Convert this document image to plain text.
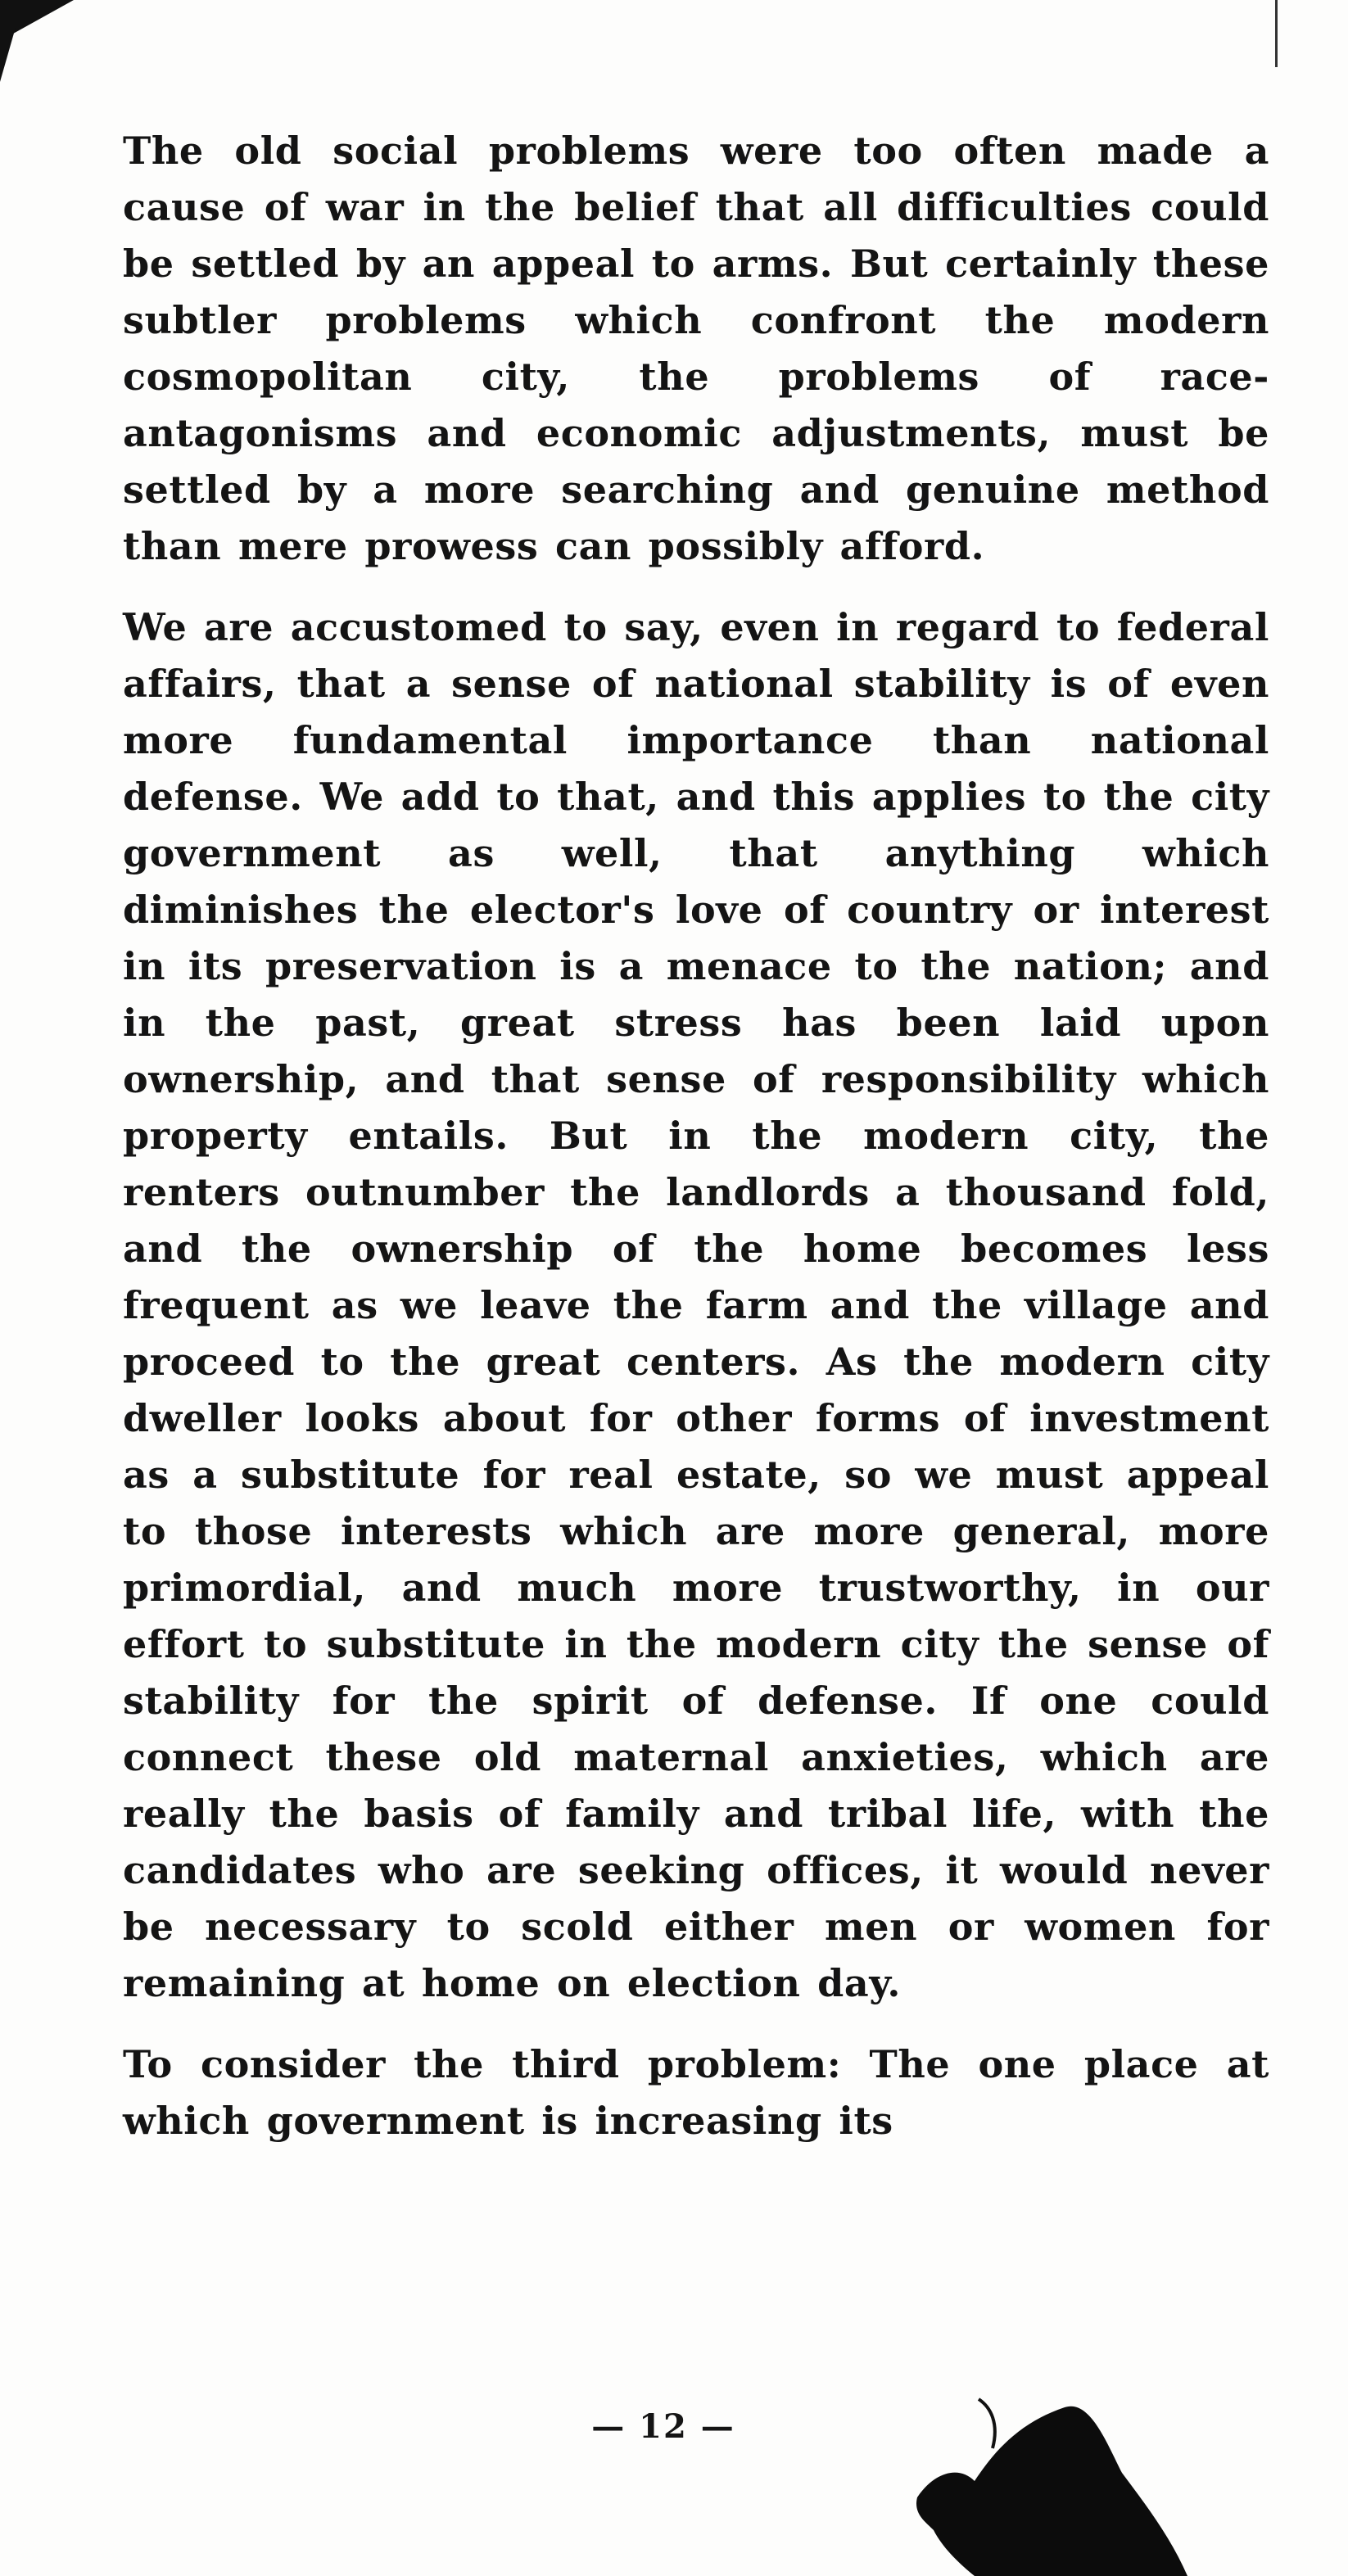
The old social problems were too often made a cause of war in the belief that all difficulties could be settled by an appeal to arms. But certainly these subtler problems which confront the modern cosmopolitan city, the problems of race-antagonisms and economic adjustments, must be settled by a more searching and genuine method than mere prowess can possibly afford.

We are accustomed to say, even in regard to federal affairs, that a sense of national stability is of even more fundamental importance than national defense. We add to that, and this applies to the city government as well, that anything which diminishes the elector's love of country or interest in its preservation is a menace to the nation; and in the past, great stress has been laid upon ownership, and that sense of responsibility which property entails. But in the modern city, the renters outnumber the landlords a thousand fold, and the ownership of the home becomes less frequent as we leave the farm and the village and proceed to the great centers. As the modern city dweller looks about for other forms of investment as a substitute for real estate, so we must appeal to those interests which are more general, more primordial, and much more trustworthy, in our effort to substitute in the modern city the sense of stability for the spirit of defense. If one could connect these old maternal anxieties, which are really the basis of family and tribal life, with the candidates who are seeking offices, it would never be necessary to scold either men or women for remaining at home on election day.

To consider the third problem: The one place at which government is increasing its

— 12 —
